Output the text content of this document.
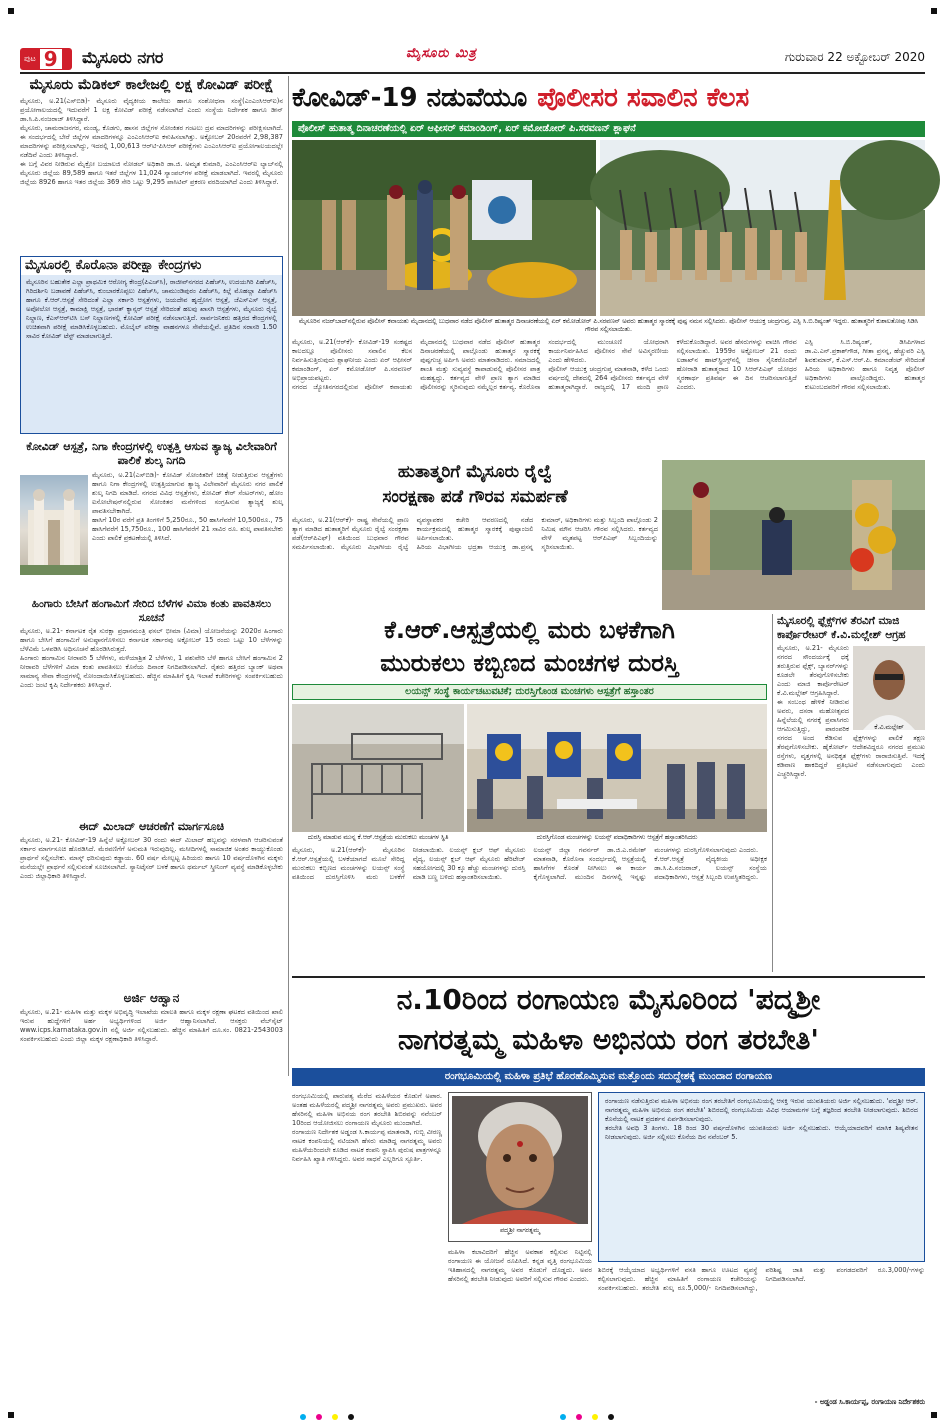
ಪುಟ 9 ಮೈಸೂರು ನಗರ	ಮೈಸೂರು ಮಿತ್ರ	ಗುರುವಾರ 22 ಅಕ್ಟೋಬರ್ 2020
ಮೈಸೂರು ಮೆಡಿಕಲ್ ಕಾಲೇಜಲ್ಲಿ ಲಕ್ಷ ಕೋವಿಡ್ ಪರೀಕ್ಷೆ
ಮೈಸೂರು, ಅ.21(ಎಸ್‌ಬಿಡಿ)- ಮೈಸೂರು ವೈದ್ಯಕೀಯ ಕಾಲೇಜು ಹಾಗೂ ಸಂಶೋಧನಾ ಸಂಸ್ಥೆ(ಎಂಎಂಸಿಆರ್‌ಐ)ನ ಪ್ರಯೋಗಾಲಯದಲ್ಲಿ ಇದುವರೆಗೆ 1 ಲಕ್ಷ ಕೋವಿಡ್ ಪರೀಕ್ಷೆ ನಡೆಸಲಾಗಿದೆ ಎಂದು ಸಂಸ್ಥೆಯ ನಿರ್ದೇಶಕ ಹಾಗೂ ಡೀನ್ ಡಾ.ಸಿ.ಪಿ.ನಂಜರಾಜ್ ತಿಳಿಸಿದ್ದಾರೆ.
ಮೈಸೂರು, ಚಾಮರಾಜನಗರ, ಮಂಡ್ಯ, ಕೊಡಗು, ಹಾಸನ ಜಿಲ್ಲೆಗಳ ಸೋಂಕಿತರ ಗಂಟಲು ದ್ರವ ಮಾದರಿಗಳನ್ನು ಪರೀಕ್ಷಿಸಲಾಗಿದೆ. ಈ ಸಂದರ್ಭದಲ್ಲಿ ಬೇರೆ ಜಿಲ್ಲೆಗಳ ಮಾದರಿಗಳನ್ನೂ ಎಂಎಂಸಿಆರ್‌ಐ ಕಳುಹಿಸಲಾಗಿತ್ತು. ಅಕ್ಟೋಬರ್ 20ರವರೆಗೆ 2,98,387 ಮಾದರಿಗಳನ್ನು ಪರೀಕ್ಷಿಸಲಾಗಿದ್ದು, ಇದರಲ್ಲಿ 1,00,613 ಆರ್‌ಟಿ-ಪಿಸಿಆರ್ ಪರೀಕ್ಷೆಗಳು ಎಂಎಂಸಿಆರ್‌ಐ ಪ್ರಯೋಗಾಲಯದಲ್ಲೇ ನಡೆದಿವೆ ಎಂದು ತಿಳಿಸಿದ್ದಾರೆ.
ಈ ಬಗ್ಗೆ ವಿವರ ನೀಡಿರುವ ಮೈಕ್ರೋ ಬಯಾಲಜಿ ನೋಡಲ್ ಅಧಿಕಾರಿ ಡಾ.ಜಿ. ಅಮೃತ ಕುಮಾರಿ, ಎಂಎಂಸಿಆರ್‌ಐ ಲ್ಯಾಬ್‌ನಲ್ಲಿ ಮೈಸೂರು ಜಿಲ್ಲೆಯ 89,589 ಹಾಗೂ ಇತರೆ ಜಿಲ್ಲೆಗಳ 11,024 ಸ್ಯಾಂಪಲ್‌ಗಳ ಪರೀಕ್ಷೆ ಮಾಡಲಾಗಿದೆ. ಇವರಲ್ಲಿ ಮೈಸೂರು ಜಿಲ್ಲೆಯ 8926 ಹಾಗೂ ಇತರ ಜಿಲ್ಲೆಯ 369 ಸೇರಿ ಒಟ್ಟು 9,295 ಪಾಸಿಟಿವ್ ಪ್ರಕರಣ ವರದಿಯಾಗಿದೆ ಎಂದು ತಿಳಿಸಿದ್ದಾರೆ.
ಮೈಸೂರಲ್ಲಿ ಕೊರೊನಾ ಪರೀಕ್ಷಾ ಕೇಂದ್ರಗಳು
ಮೈಸೂರಿನ ಬಹುತೇಕ ಎಲ್ಲಾ ಪ್ರಾಥಮಿಕ ಆರೋಗ್ಯ ಕೇಂದ್ರ(ಪಿಎಚ್‌ಸಿ), ರಾಜೀವ್‌ನಗರದ ಪಿಹೆಚ್‌ಸಿ, ಉದಯಗಿರಿ ಪಿಹೆಚ್‌ಸಿ, ಗಿರಿದರ್ಶಿನಿ ಬಡಾವಣೆ ಪಿಹೆಚ್‌ಸಿ, ಕುಂಬಾರಕೊಪ್ಪಲು ಪಿಹೆಚ್‌ಸಿ, ಚಾಮುಂಡಿಪುರಂ ಪಿಹೆಚ್‌ಸಿ, ಕಿಲ್ಲೆ ಮೊಹಲ್ಲಾ ಪಿಹೆಚ್‌ಸಿ ಹಾಗೂ ಕೆ.ಆರ್.ಆಸ್ಪತ್ರೆ ಸೇರಿದಂತೆ ಎಲ್ಲಾ ಸರ್ಕಾರಿ ಆಸ್ಪತ್ರೆಗಳು, ಜಯದೇವ ಹೃದ್ರೋಗ ಆಸ್ಪತ್ರೆ, ಜೆಎಸ್‌ಎಸ್ ಆಸ್ಪತ್ರೆ, ಅಪೋಲೋ ಆಸ್ಪತ್ರೆ, ಕಾಮಾಕ್ಷಿ ಆಸ್ಪತ್ರೆ, ಭಾರತ್ ಕ್ಯಾನ್ಸರ್ ಆಸ್ಪತ್ರೆ ಸೇರಿದಂತೆ ಹಲವು ಖಾಸಗಿ ಆಸ್ಪತ್ರೆಗಳು, ಮೈಸೂರು ರೈಲ್ವೆ ನಿಲ್ದಾಣ, ಕೆಎಸ್‌ಆರ್‌ಟಿಸಿ ಬಸ್ ನಿಲ್ದಾಣಗಳಲ್ಲಿ ಕೋವಿಡ್ ಪರೀಕ್ಷೆ ನಡೆಸಲಾಗುತ್ತಿದೆ. ಸಾರ್ವಜನಿಕರು ಹತ್ತಿರದ ಕೇಂದ್ರಗಳಲ್ಲಿ ಉಚಿತವಾಗಿ ಪರೀಕ್ಷೆ ಮಾಡಿಸಿಕೊಳ್ಳಬಹುದು. ಮೊಬೈಲ್ ಪರೀಕ್ಷಾ ವಾಹನಗಳೂ ಸೇವೆಯಲ್ಲಿವೆ. ಪ್ರತಿದಿನ ಸರಾಸರಿ 1.50 ಸಾವಿರ ಕೋವಿಡ್ ಟೆಸ್ಟ್ ಮಾಡಲಾಗುತ್ತಿದೆ.
ಕೋವಿಡ್ ಆಸ್ಪತ್ರೆ, ನಿಗಾ ಕೇಂದ್ರಗಳಲ್ಲಿ ಉತ್ಪತ್ತಿ ಆಸುವ ತ್ಯಾಜ್ಯ ವಿಲೇವಾರಿಗೆ ಪಾಲಿಕೆ ಶುಲ್ಕ ನಿಗದಿ
ಮೈಸೂರು, ಅ.21(ಎಸ್‌ಬಿಡಿ)- ಕೋವಿಡ್ ಸೋಂಕಿತರಿಗೆ ಚಿಕಿತ್ಸೆ ನೀಡುತ್ತಿರುವ ಆಸ್ಪತ್ರೆಗಳು ಹಾಗೂ ನಿಗಾ ಕೇಂದ್ರಗಳಲ್ಲಿ ಉತ್ಪತ್ತಿಯಾಗುವ ತ್ಯಾಜ್ಯ ವಿಲೇವಾರಿಗೆ ಮೈಸೂರು ನಗರ ಪಾಲಿಕೆ ಶುಲ್ಕ ನಿಗದಿ ಮಾಡಿದೆ. ನಗರದ ವಿವಿಧ ಆಸ್ಪತ್ರೆಗಳು, ಕೋವಿಡ್ ಕೇರ್ ಸೆಂಟರ್‌ಗಳು, ಹೋಂ ಐಸೋಲೇಷನ್‌ನಲ್ಲಿರುವ ಸೋಂಕಿತರ ಮನೆಗಳಿಂದ ಸಂಗ್ರಹಿಸುವ ತ್ಯಾಜ್ಯಕ್ಕೆ ಶುಲ್ಕ ಪಾವತಿಸಬೇಕಾಗಿದೆ.
ಹಾಸಿಗೆ 10ರ ವರೆಗೆ ಪ್ರತಿ ತಿಂಗಳಿಗೆ 5,250ರೂ., 50 ಹಾಸಿಗೆವರೆಗೆ 10,500ರೂ., 75 ಹಾಸಿಗೆವರೆಗೆ 15,750ರೂ., 100 ಹಾಸಿಗೆವರೆಗೆ 21 ಸಾವಿರ ರೂ. ಶುಲ್ಕ ಪಾವತಿಸಬೇಕು ಎಂದು ಪಾಲಿಕೆ ಪ್ರಕಟಣೆಯಲ್ಲಿ ತಿಳಿಸಿದೆ.
ಹಿಂಗಾರು ಬೇಸಿಗೆ ಹಂಗಾಮಿಗೆ ಸೇರಿದ ಬೆಳೆಗಳ ವಿಮಾ ಕಂತು ಪಾವತಿಸಲು ಸೂಚನೆ
ಮೈಸೂರು, ಅ.21- ಕರ್ನಾಟಕ ರೈತ ಸುರಕ್ಷಾ ಪ್ರಧಾನಮಂತ್ರಿ ಫಸಲ್ ಭೀಮಾ (ವಿಮಾ) ಯೋಜನೆಯನ್ನು 2020ರ ಹಿಂಗಾರು ಹಾಗೂ ಬೇಸಿಗೆ ಹಂಗಾಮಿಗೆ ಅನುಷ್ಠಾನಗೊಳಿಸಲು ಕರ್ನಾಟಕ ಸರ್ಕಾರವು ಅಕ್ಟೋಬರ್ 15 ರಂದು ಒಟ್ಟು 10 ಬೆಳೆಗಳನ್ನು ಬೆಳೆವಿಮೆ ಒಳಪಡಿಸಿ ಅಧಿಸೂಚನೆ ಹೊರಡಿಸಿರುತ್ತದೆ.
ಹಿಂಗಾರು ಹಂಗಾಮಿನ ನೀರಾವರಿ 5 ಬೆಳೆಗಳು, ಮಳೆಯಾಶ್ರಿತ 2 ಬೆಳೆಗಳು, 1 ಪಶುವೇರಿ ಬೆಳೆ ಹಾಗೂ ಬೇಸಿಗೆ ಹಂಗಾಮಿನ 2 ನೀರಾವರಿ ಬೆಳೆಗಳಿಗೆ ವಿಮಾ ಕಂತು ಪಾವತಿಸಲು ಕೊನೆಯ ದಿನಾಂಕ ನಿಗದಿಪಡಿಸಲಾಗಿದೆ. ರೈತರು ಹತ್ತಿರದ ಬ್ಯಾಂಕ್ ಅಥವಾ ಸಾಮಾನ್ಯ ಸೇವಾ ಕೇಂದ್ರಗಳಲ್ಲಿ ನೋಂದಾಯಿಸಿಕೊಳ್ಳಬಹುದು. ಹೆಚ್ಚಿನ ಮಾಹಿತಿಗೆ ಕೃಷಿ ಇಲಾಖೆ ಕಚೇರಿಗಳನ್ನು ಸಂಪರ್ಕಿಸಬಹುದು ಎಂದು ಜಂಟಿ ಕೃಷಿ ನಿರ್ದೇಶಕರು ತಿಳಿಸಿದ್ದಾರೆ.
ಈದ್ ಮಿಲಾದ್ ಆಚರಣೆಗೆ ಮಾರ್ಗಸೂಚಿ
ಮೈಸೂರು, ಅ.21- ಕೋವಿಡ್-19 ಹಿನ್ನೆಲೆ ಅಕ್ಟೋಬರ್ 30 ರಂದು ಈದ್ ಮಿಲಾದ್ ಹಬ್ಬವನ್ನು ಸರಳವಾಗಿ ಆಚರಿಸುವಂತೆ ಸರ್ಕಾರ ಮಾರ್ಗಸೂಚಿ ಹೊರಡಿಸಿದೆ. ಮೆರವಣಿಗೆಗೆ ಅನುಮತಿ ಇರುವುದಿಲ್ಲ. ಮಸೀದಿಗಳಲ್ಲಿ ಸಾಮಾಜಿಕ ಅಂತರ ಕಾಯ್ದುಕೊಂಡು ಪ್ರಾರ್ಥನೆ ಸಲ್ಲಿಸಬೇಕು. ಮಾಸ್ಕ್ ಧರಿಸುವುದು ಕಡ್ಡಾಯ. 60 ವರ್ಷ ಮೇಲ್ಪಟ್ಟ ಹಿರಿಯರು ಹಾಗೂ 10 ವರ್ಷದೊಳಗಿನ ಮಕ್ಕಳು ಮನೆಯಲ್ಲೇ ಪ್ರಾರ್ಥನೆ ಸಲ್ಲಿಸುವಂತೆ ಸೂಚಿಸಲಾಗಿದೆ. ಸ್ಯಾನಿಟೈಸರ್ ಬಳಕೆ ಹಾಗೂ ಥರ್ಮಲ್ ಸ್ಕ್ರೀನಿಂಗ್ ವ್ಯವಸ್ಥೆ ಮಾಡಿಕೊಳ್ಳಬೇಕು ಎಂದು ಜಿಲ್ಲಾಧಿಕಾರಿ ತಿಳಿಸಿದ್ದಾರೆ.
ಅರ್ಜಿ ಆಹ್ವಾನ
ಮೈಸೂರು, ಅ.21- ಮಹಿಳಾ ಮತ್ತು ಮಕ್ಕಳ ಅಭಿವೃದ್ಧಿ ಇಲಾಖೆಯ ಮಾಲತಿ ಹಾಗೂ ಮಕ್ಕಳ ರಕ್ಷಣಾ ಘಟಕದ ವತಿಯಿಂದ ಖಾಲಿ ಇರುವ ಹುದ್ದೆಗಳಿಗೆ ಅರ್ಹ ಅಭ್ಯರ್ಥಿಗಳಿಂದ ಅರ್ಜಿ ಆಹ್ವಾನಿಸಲಾಗಿದೆ. ಆಸಕ್ತರು ವೆಬ್‌ಸೈಟ್ www.icps.karnataka.gov.in ನಲ್ಲಿ ಅರ್ಜಿ ಸಲ್ಲಿಸಬಹುದು. ಹೆಚ್ಚಿನ ಮಾಹಿತಿಗೆ ದೂ.ಸಂ. 0821-2543003 ಸಂಪರ್ಕಿಸಬಹುದು ಎಂದು ಜಿಲ್ಲಾ ಮಕ್ಕಳ ರಕ್ಷಣಾಧಿಕಾರಿ ತಿಳಿಸಿದ್ದಾರೆ.
ಕೋವಿಡ್-19 ನಡುವೆಯೂ ಪೊಲೀಸರ ಸವಾಲಿನ ಕೆಲಸ
ಪೊಲೀಸ್ ಹುತಾತ್ಮ ದಿನಾಚರಣೆಯಲ್ಲಿ ಏರ್ ಆಫೀಸರ್ ಕಮಾಂಡಿಂಗ್, ಏರ್ ಕಮೋಡೋರ್ ಪಿ.ಸರವಣನ್ ಶ್ಲಾಘನೆ
ಮೈಸೂರಿನ ನಜರ್‌ಬಾದ್‌ನಲ್ಲಿರುವ ಪೊಲೀಸ್ ಕವಾಯತು ಮೈದಾನದಲ್ಲಿ ಬುಧವಾರ ನಡೆದ ಪೊಲೀಸ್ ಹುತಾತ್ಮರ ದಿನಾಚರಣೆಯಲ್ಲಿ ಏರ್ ಕಮೋಡೋರ್ ಪಿ.ಸರವಣನ್ ಅವರು ಹುತಾತ್ಮರ ಸ್ಮಾರಕಕ್ಕೆ ಪುಷ್ಪ ನಮನ ಸಲ್ಲಿಸಿದರು. ಪೊಲೀಸ್ ಆಯುಕ್ತ ಚಂದ್ರಗುಪ್ತ, ಎಸ್ಪಿ ಸಿ.ಬಿ.ರಿಷ್ಯಂತ್ ಇದ್ದರು. ಹುತಾತ್ಮರಿಗೆ ಕುಶಾಲತೋಪು ಸಿಡಿಸಿ ಗೌರವ ಸಲ್ಲಿಸಲಾಯಿತು.
ಮೈಸೂರು, ಅ.21(ಆರ್‌ಕೆ)- ಕೋವಿಡ್-19 ಸಂಕಷ್ಟದ ಕಾಲದಲ್ಲೂ ಪೊಲೀಸರು ಸವಾಲಿನ ಕೆಲಸ ನಿರ್ವಹಿಸುತ್ತಿರುವುದು ಶ್ಲಾಘನೀಯ ಎಂದು ಏರ್ ಆಫೀಸರ್ ಕಮಾಂಡಿಂಗ್, ಏರ್ ಕಮೋಡೋರ್ ಪಿ.ಸರವಣನ್ ಅಭಿಪ್ರಾಯಪಟ್ಟರು.
ನಗರದ ಜ್ಯೋತಿನಗರದಲ್ಲಿರುವ ಪೊಲೀಸ್ ಕವಾಯತು ಮೈದಾನದಲ್ಲಿ ಬುಧವಾರ ನಡೆದ ಪೊಲೀಸ್ ಹುತಾತ್ಮರ ದಿನಾಚರಣೆಯಲ್ಲಿ ಪಾಲ್ಗೊಂಡು ಹುತಾತ್ಮರ ಸ್ಮಾರಕಕ್ಕೆ ಪುಷ್ಪಗುಚ್ಛ ಅರ್ಪಿಸಿ ಅವರು ಮಾತನಾಡಿದರು. ಸಮಾಜದಲ್ಲಿ ಶಾಂತಿ ಮತ್ತು ಸುವ್ಯವಸ್ಥೆ ಕಾಪಾಡುವಲ್ಲಿ ಪೊಲೀಸರ ಪಾತ್ರ ಮಹತ್ವದ್ದು. ಕರ್ತವ್ಯದ ವೇಳೆ ಪ್ರಾಣ ತ್ಯಾಗ ಮಾಡಿದ ಪೊಲೀಸರನ್ನು ಸ್ಮರಿಸುವುದು ನಮ್ಮೆಲ್ಲರ ಕರ್ತವ್ಯ. ಕೊರೊನಾ ಸಂದರ್ಭದಲ್ಲಿ ಮುಂಚೂಣಿ ಯೋಧರಾಗಿ ಕಾರ್ಯನಿರ್ವಹಿಸಿದ ಪೊಲೀಸರ ಸೇವೆ ಅವಿಸ್ಮರಣೀಯ ಎಂದು ಹೇಳಿದರು.
ಪೊಲೀಸ್ ಆಯುಕ್ತ ಚಂದ್ರಗುಪ್ತ ಮಾತನಾಡಿ, ಕಳೆದ ಒಂದು ವರ್ಷದಲ್ಲಿ ದೇಶದಲ್ಲಿ 264 ಪೊಲೀಸರು ಕರ್ತವ್ಯದ ವೇಳೆ ಹುತಾತ್ಮರಾಗಿದ್ದಾರೆ. ರಾಜ್ಯದಲ್ಲಿ 17 ಮಂದಿ ಪ್ರಾಣ ಕಳೆದುಕೊಂಡಿದ್ದಾರೆ. ಅವರ ಹೆಸರುಗಳನ್ನು ವಾಚಿಸಿ ಗೌರವ ಸಲ್ಲಿಸಲಾಯಿತು. 1959ರ ಅಕ್ಟೋಬರ್ 21 ರಂದು ಲಡಾಖ್‌ನ ಹಾಟ್‌ಸ್ಪ್ರಿಂಗ್ಸ್‌ನಲ್ಲಿ ಚೀನಾ ಸೈನಿಕರೊಂದಿಗೆ ಹೋರಾಡಿ ಹುತಾತ್ಮರಾದ 10 ಸಿಆರ್‌ಪಿಎಫ್ ಯೋಧರ ಸ್ಮರಣಾರ್ಥ ಪ್ರತಿವರ್ಷ ಈ ದಿನ ಆಚರಿಸಲಾಗುತ್ತಿದೆ ಎಂದರು.
ಎಸ್ಪಿ ಸಿ.ಬಿ.ರಿಷ್ಯಂತ್, ಡಿಸಿಪಿಗಳಾದ ಡಾ.ಎ.ಎನ್.ಪ್ರಕಾಶ್‌ಗೌಡ, ಗೀತಾ ಪ್ರಸನ್ನ, ಹೆಚ್ಚುವರಿ ಎಸ್ಪಿ ಶಿವಕುಮಾರ್, ಕೆ.ಎಸ್.ಆರ್.ಪಿ. ಕಮಾಂಡೆಂಟ್ ಸೇರಿದಂತೆ ಹಿರಿಯ ಅಧಿಕಾರಿಗಳು ಹಾಗೂ ನಿವೃತ್ತ ಪೊಲೀಸ್ ಅಧಿಕಾರಿಗಳು ಪಾಲ್ಗೊಂಡಿದ್ದರು. ಹುತಾತ್ಮರ ಕುಟುಂಬದವರಿಗೆ ಗೌರವ ಸಲ್ಲಿಸಲಾಯಿತು.
ಹುತಾತ್ಮರಿಗೆ ಮೈಸೂರು ರೈಲ್ವೆ
ಸಂರಕ್ಷಣಾ ಪಡೆ ಗೌರವ ಸಮರ್ಪಣೆ
ಮೈಸೂರು, ಅ.21(ಆರ್‌ಕೆ)- ರಾಷ್ಟ್ರ ಸೇವೆಯಲ್ಲಿ ಪ್ರಾಣ ತ್ಯಾಗ ಮಾಡಿದ ಹುತಾತ್ಮರಿಗೆ ಮೈಸೂರು ರೈಲ್ವೆ ಸಂರಕ್ಷಣಾ ಪಡೆ(ಆರ್‌ಪಿಎಫ್) ವತಿಯಿಂದ ಬುಧವಾರ ಗೌರವ ಸಮರ್ಪಿಸಲಾಯಿತು. ಮೈಸೂರು ವಿಭಾಗೀಯ ರೈಲ್ವೆ ವ್ಯವಸ್ಥಾಪಕರ ಕಚೇರಿ ಆವರಣದಲ್ಲಿ ನಡೆದ ಕಾರ್ಯಕ್ರಮದಲ್ಲಿ ಹುತಾತ್ಮರ ಸ್ಮಾರಕಕ್ಕೆ ಪುಷ್ಪಾಂಜಲಿ ಅರ್ಪಿಸಲಾಯಿತು.
ಹಿರಿಯ ವಿಭಾಗೀಯ ಭದ್ರತಾ ಆಯುಕ್ತ ಡಾ.ಪ್ರಸನ್ನ ಕುಮಾರ್, ಅಧಿಕಾರಿಗಳು ಮತ್ತು ಸಿಬ್ಬಂದಿ ಪಾಲ್ಗೊಂಡು 2 ನಿಮಿಷ ಮೌನ ಆಚರಿಸಿ ಗೌರವ ಸಲ್ಲಿಸಿದರು. ಕರ್ತವ್ಯದ ವೇಳೆ ಮೃತಪಟ್ಟ ಆರ್‌ಪಿಎಫ್ ಸಿಬ್ಬಂದಿಯನ್ನು ಸ್ಮರಿಸಲಾಯಿತು.
ಕೆ.ಆರ್.ಆಸ್ಪತ್ರೆಯಲ್ಲಿ ಮರು ಬಳಕೆಗಾಗಿ
ಮುರುಕಲು ಕಬ್ಬಿಣದ ಮಂಚಗಳ ದುರಸ್ತಿ
ಲಯನ್ಸ್ ಸಂಸ್ಥೆ ಕಾರ್ಯಚಟುವಟಿಕೆ; ದುರಸ್ತಿಗೊಂಡ ಮಂಚಗಳು ಆಸ್ಪತ್ರೆಗೆ ಹಸ್ತಾಂತರ
ದುರಸ್ತಿ ಮಾಡುವ ಮುನ್ನ ಕೆ.ಆರ್.ಆಸ್ಪತ್ರೆಯ ಮುರುಕಲು ಮಂಚಗಳ ಸ್ಥಿತಿ	ದುರಸ್ತಿಗೊಂಡ ಮಂಚಗಳನ್ನು ಲಯನ್ಸ್ ಪದಾಧಿಕಾರಿಗಳು ಆಸ್ಪತ್ರೆಗೆ ಹಸ್ತಾಂತರಿಸಿದರು
ಮೈಸೂರು, ಅ.21(ಆರ್‌ಕೆ)- ಮೈಸೂರಿನ ಕೆ.ಆರ್.ಆಸ್ಪತ್ರೆಯಲ್ಲಿ ಬಳಕೆಯಾಗದೆ ಮೂಲೆ ಸೇರಿದ್ದ ಮುರುಕಲು ಕಬ್ಬಿಣದ ಮಂಚಗಳನ್ನು ಲಯನ್ಸ್ ಸಂಸ್ಥೆ ವತಿಯಿಂದ ದುರಸ್ತಿಗೊಳಿಸಿ ಮರು ಬಳಕೆಗೆ ನೀಡಲಾಯಿತು. ಲಯನ್ಸ್ ಕ್ಲಬ್ ಆಫ್ ಮೈಸೂರು ವೈದ್ಯ, ಲಯನ್ಸ್ ಕ್ಲಬ್ ಆಫ್ ಮೈಸೂರು ಹೆರಿಟೇಜ್ ಸಹಯೋಗದಲ್ಲಿ 30 ಕ್ಕೂ ಹೆಚ್ಚು ಮಂಚಗಳನ್ನು ದುರಸ್ತಿ ಮಾಡಿ ಬಣ್ಣ ಬಳಿದು ಹಸ್ತಾಂತರಿಸಲಾಯಿತು.
ಲಯನ್ಸ್ ಜಿಲ್ಲಾ ಗವರ್ನರ್ ಡಾ.ಜಿ.ಎ.ರಮೇಶ್ ಮಾತನಾಡಿ, ಕೊರೊನಾ ಸಂದರ್ಭದಲ್ಲಿ ಆಸ್ಪತ್ರೆಯಲ್ಲಿ ಹಾಸಿಗೆಗಳ ಕೊರತೆ ನೀಗಿಸಲು ಈ ಕಾರ್ಯ ಕೈಗೊಳ್ಳಲಾಗಿದೆ. ಮುಂದಿನ ದಿನಗಳಲ್ಲಿ ಇನ್ನಷ್ಟು ಮಂಚಗಳನ್ನು ದುರಸ್ತಿಗೊಳಿಸಲಾಗುವುದು ಎಂದರು.
ಕೆ.ಆರ್.ಆಸ್ಪತ್ರೆ ವೈದ್ಯಕೀಯ ಅಧೀಕ್ಷಕ ಡಾ.ಸಿ.ಪಿ.ನಂಜರಾಜ್, ಲಯನ್ಸ್ ಸಂಸ್ಥೆಯ ಪದಾಧಿಕಾರಿಗಳು, ಆಸ್ಪತ್ರೆ ಸಿಬ್ಬಂದಿ ಉಪಸ್ಥಿತರಿದ್ದರು.
ಮೈಸೂರಲ್ಲಿ ಫ್ಲೆಕ್ಸ್‌ಗಳ ತೆರವಿಗೆ ಮಾಜಿ ಕಾರ್ಪೊರೇಟರ್ ಕೆ.ವಿ.ಮಲ್ಲೇಶ್ ಆಗ್ರಹ
ಕೆ.ವಿ.ಮಲ್ಲೇಶ್
ಮೈಸೂರು, ಅ.21- ಮೈಸೂರು ನಗರದ ಸೌಂದರ್ಯಕ್ಕೆ ಧಕ್ಕೆ ತರುತ್ತಿರುವ ಫ್ಲೆಕ್ಸ್, ಬ್ಯಾನರ್‌ಗಳನ್ನು ಕೂಡಲೇ ತೆರವುಗೊಳಿಸಬೇಕು ಎಂದು ಮಾಜಿ ಕಾರ್ಪೊರೇಟರ್ ಕೆ.ವಿ.ಮಲ್ಲೇಶ್ ಆಗ್ರಹಿಸಿದ್ದಾರೆ.
ಈ ಸಂಬಂಧ ಹೇಳಿಕೆ ನೀಡಿರುವ ಅವರು, ದಸರಾ ಮಹೋತ್ಸವದ ಹಿನ್ನೆಲೆಯಲ್ಲಿ ನಗರಕ್ಕೆ ಪ್ರವಾಸಿಗರು ಆಗಮಿಸುತ್ತಿದ್ದು, ಪಾರಂಪರಿಕ ನಗರದ ಅಂದ ಕೆಡಿಸುವ ಫ್ಲೆಕ್ಸ್‌ಗಳನ್ನು ಪಾಲಿಕೆ ತಕ್ಷಣ ತೆರವುಗೊಳಿಸಬೇಕು. ಹೈಕೋರ್ಟ್ ಆದೇಶವಿದ್ದರೂ ನಗರದ ಪ್ರಮುಖ ರಸ್ತೆಗಳು, ವೃತ್ತಗಳಲ್ಲಿ ಅನಧಿಕೃತ ಫ್ಲೆಕ್ಸ್‌ಗಳು ರಾರಾಜಿಸುತ್ತಿವೆ. ಇದಕ್ಕೆ ಕಡಿವಾಣ ಹಾಕದಿದ್ದರೆ ಪ್ರತಿಭಟನೆ ನಡೆಸಲಾಗುವುದು ಎಂದು ಎಚ್ಚರಿಸಿದ್ದಾರೆ.
ನ.10ರಿಂದ ರಂಗಾಯಣ ಮೈಸೂರಿಂದ 'ಪದ್ಮಶ್ರೀ
ನಾಗರತ್ನಮ್ಮ ಮಹಿಳಾ ಅಭಿನಯ ರಂಗ ತರಬೇತಿ'
ರಂಗಭೂಮಿಯಲ್ಲಿ ಮಹಿಳಾ ಪ್ರತಿಭೆ ಹೊರಹೊಮ್ಮಿಸುವ ಮತ್ತೊಂದು ಸದುದ್ದೇಶಕ್ಕೆ ಮುಂದಾದ ರಂಗಾಯಣ
ರಂಗಭೂಮಿಯಲ್ಲಿ ಪಾರುಪತ್ಯ ಮೆರೆದ ಮಹಿಳೆಯರ ಕೊಡುಗೆ ಅಪಾರ. ಅಂತಹ ಮಹಿಳೆಯರಲ್ಲಿ ಪದ್ಮಶ್ರೀ ನಾಗರತ್ನಮ್ಮ ಅವರು ಪ್ರಮುಖರು. ಅವರ ಹೆಸರಿನಲ್ಲಿ ಮಹಿಳಾ ಅಭಿನಯ ರಂಗ ತರಬೇತಿ ಶಿಬಿರವನ್ನು ನವೆಂಬರ್ 10ರಿಂದ ಆಯೋಜಿಸಲು ರಂಗಾಯಣ ಮೈಸೂರು ಮುಂದಾಗಿದೆ.
ರಂಗಾಯಣ ನಿರ್ದೇಶಕ ಅಡ್ಡಂಡ ಸಿ.ಕಾರ್ಯಪ್ಪ ಮಾತನಾಡಿ, ಗುಬ್ಬಿ ವೀರಣ್ಣ ನಾಟಕ ಕಂಪನಿಯಲ್ಲಿ ನಟಿಯಾಗಿ ಹೆಸರು ಮಾಡಿದ್ದ ನಾಗರತ್ನಮ್ಮ ಅವರು ಮಹಿಳೆಯರಿಂದಲೇ ಕೂಡಿದ ನಾಟಕ ಕಂಪನಿ ಸ್ಥಾಪಿಸಿ ಪುರುಷ ಪಾತ್ರಗಳನ್ನೂ ನಿರ್ವಹಿಸಿ ಖ್ಯಾತಿ ಗಳಿಸಿದ್ದರು. ಅವರ ಸಾಧನೆ ಎಲ್ಲರಿಗೂ ಸ್ಫೂರ್ತಿ.
ಪದ್ಮಶ್ರೀ ನಾಗರತ್ನಮ್ಮ
ಮಹಿಳಾ ಕಲಾವಿದರಿಗೆ ಹೆಚ್ಚಿನ ಅವಕಾಶ ಕಲ್ಪಿಸುವ ನಿಟ್ಟಿನಲ್ಲಿ ರಂಗಾಯಣ ಈ ಯೋಜನೆ ರೂಪಿಸಿದೆ. ಕನ್ನಡ ವೃತ್ತಿ ರಂಗಭೂಮಿಯ ಇತಿಹಾಸದಲ್ಲಿ ನಾಗರತ್ನಮ್ಮ ಅವರ ಕೊಡುಗೆ ದೊಡ್ಡದು. ಅವರ ಹೆಸರಿನಲ್ಲಿ ತರಬೇತಿ ನೀಡುವುದು ಅವರಿಗೆ ಸಲ್ಲಿಸುವ ಗೌರವ ಎಂದರು.
ರಂಗಾಯಣ ನಡೆಸುತ್ತಿರುವ ಮಹಿಳಾ ಅಭಿನಯ ರಂಗ ತರಬೇತಿಗೆ ರಂಗಭೂಮಿಯಲ್ಲಿ ಆಸಕ್ತಿ ಇರುವ ಯುವತಿಯರು ಅರ್ಜಿ ಸಲ್ಲಿಸಬಹುದು. 'ಪದ್ಮಶ್ರೀ ಆರ್. ನಾಗರತ್ನಮ್ಮ ಮಹಿಳಾ ಅಭಿನಯ ರಂಗ ತರಬೇತಿ' ಶಿಬಿರದಲ್ಲಿ ರಂಗಭೂಮಿಯ ವಿವಿಧ ಆಯಾಮಗಳ ಬಗ್ಗೆ ತಜ್ಞರಿಂದ ತರಬೇತಿ ನೀಡಲಾಗುವುದು. ಶಿಬಿರದ ಕೊನೆಯಲ್ಲಿ ನಾಟಕ ಪ್ರದರ್ಶನ ಏರ್ಪಡಿಸಲಾಗುವುದು.
ತರಬೇತಿ ಅವಧಿ 3 ತಿಂಗಳು. 18 ರಿಂದ 30 ವರ್ಷದೊಳಗಿನ ಯುವತಿಯರು ಅರ್ಜಿ ಸಲ್ಲಿಸಬಹುದು. ಆಯ್ಕೆಯಾದವರಿಗೆ ಮಾಸಿಕ ಶಿಷ್ಯವೇತನ ನೀಡಲಾಗುವುದು. ಅರ್ಜಿ ಸಲ್ಲಿಸಲು ಕೊನೆಯ ದಿನ ನವೆಂಬರ್ 5.
ಶಿಬಿರಕ್ಕೆ ಆಯ್ಕೆಯಾದ ಅಭ್ಯರ್ಥಿಗಳಿಗೆ ವಸತಿ ಹಾಗೂ ಊಟದ ವ್ಯವಸ್ಥೆ ಕಲ್ಪಿಸಲಾಗುವುದು. ಹೆಚ್ಚಿನ ಮಾಹಿತಿಗೆ ರಂಗಾಯಣ ಕಚೇರಿಯನ್ನು ಸಂಪರ್ಕಿಸಬಹುದು. ತರಬೇತಿ ಶುಲ್ಕ ರೂ.5,000/- ನಿಗದಿಪಡಿಸಲಾಗಿದ್ದು, ಪರಿಶಿಷ್ಟ ಜಾತಿ ಮತ್ತು ಪಂಗಡದವರಿಗೆ ರೂ.3,000/-ಗಳನ್ನು ನಿಗದಿಪಡಿಸಲಾಗಿದೆ.
- ಅಡ್ಡಂಡ ಸಿ.ಕಾರ್ಯಪ್ಪ, ರಂಗಾಯಣ ನಿರ್ದೇಶಕರು
